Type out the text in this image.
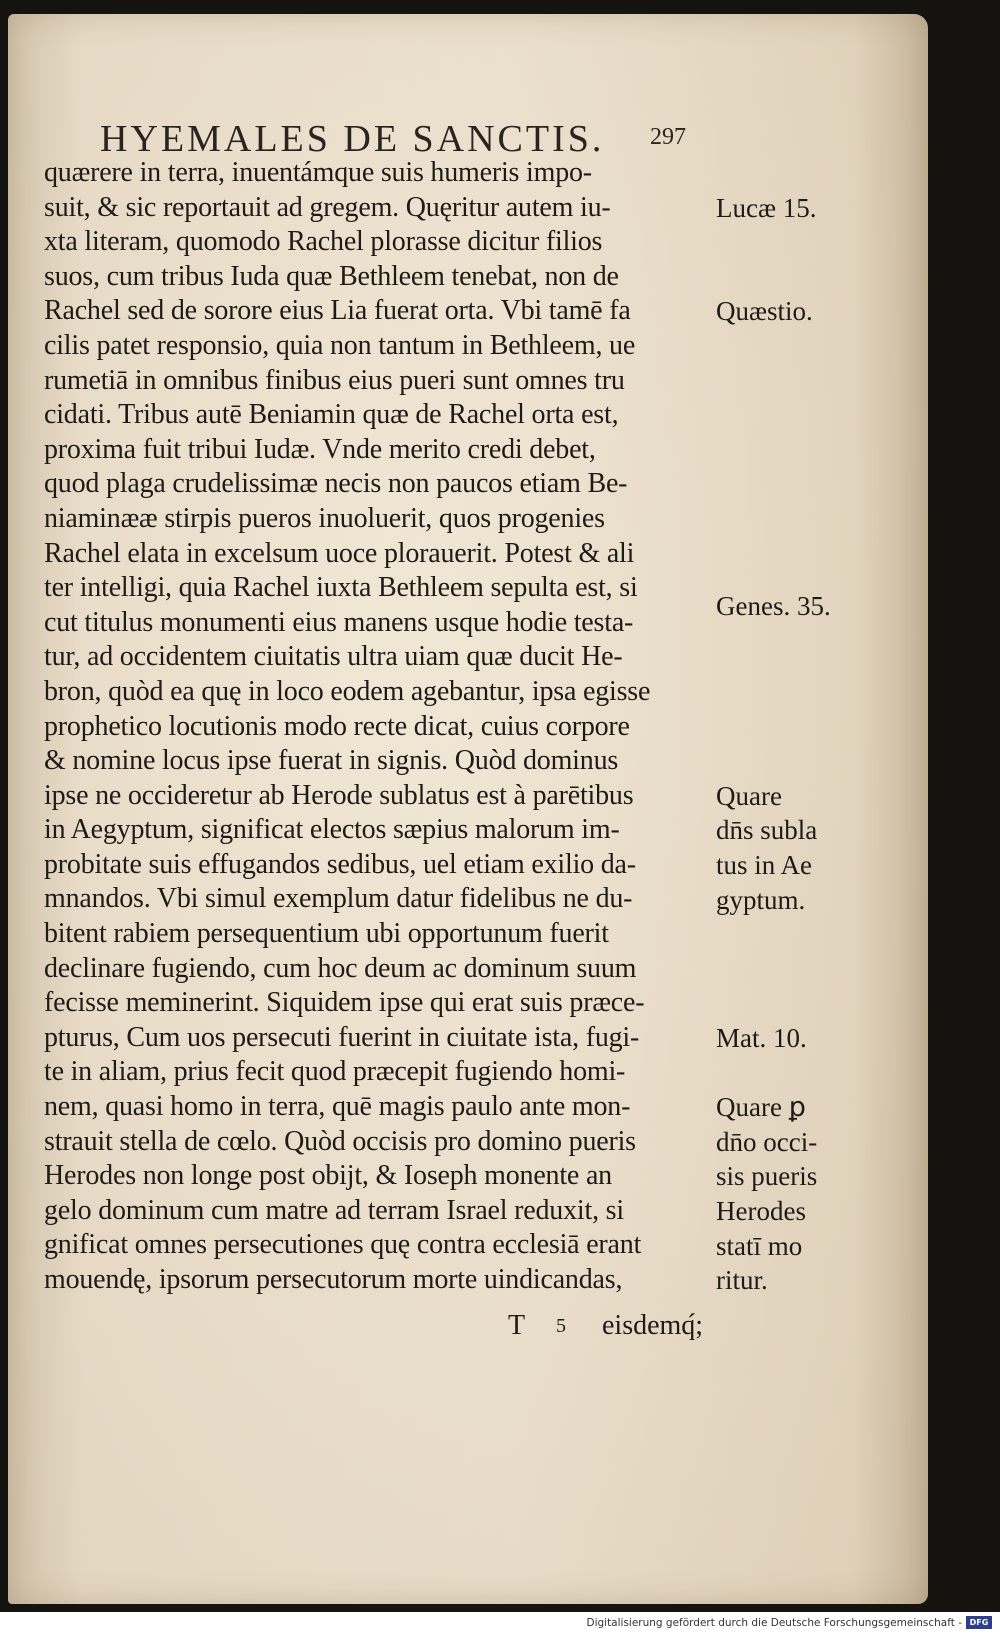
HYEMALES DE SANCTIS. 297
quærere in terra, inuentámque suis humeris impo-
suit, & sic reportauit ad gregem. Quęritur autem iu-
xta literam, quomodo Rachel plorasse dicitur filios
suos, cum tribus Iuda quæ Bethleem tenebat, non de
Rachel sed de sorore eius Lia fuerat orta. Vbi tamē fa
cilis patet responsio, quia non tantum in Bethleem, ue
rumetiā in omnibus finibus eius pueri sunt omnes tru
cidati. Tribus autē Beniamin quæ de Rachel orta est,
proxima fuit tribui Iudæ. Vnde merito credi debet,
quod plaga crudelissimæ necis non paucos etiam Be-
niaminææ stirpis pueros inuoluerit, quos progenies
Rachel elata in excelsum uoce plorauerit. Potest & ali
ter intelligi, quia Rachel iuxta Bethleem sepulta est, si
cut titulus monumenti eius manens usque hodie testa-
tur, ad occidentem ciuitatis ultra uiam quæ ducit He-
bron, quòd ea quę in loco eodem agebantur, ipsa egisse
prophetico locutionis modo recte dicat, cuius corpore
& nomine locus ipse fuerat in signis. Quòd dominus
ipse ne occideretur ab Herode sublatus est à parētibus
in Aegyptum, significat electos sæpius malorum im-
probitate suis effugandos sedibus, uel etiam exilio da-
mnandos. Vbi simul exemplum datur fidelibus ne du-
bitent rabiem persequentium ubi opportunum fuerit
declinare fugiendo, cum hoc deum ac dominum suum
fecisse meminerint. Siquidem ipse qui erat suis præce-
pturus, Cum uos persecuti fuerint in ciuitate ista, fugi-
te in aliam, prius fecit quod præcepit fugiendo homi-
nem, quasi homo in terra, quē magis paulo ante mon-
strauit stella de cœlo. Quòd occisis pro domino pueris
Herodes non longe post obijt, & Ioseph monente an
gelo dominum cum matre ad terram Israel reduxit, si
gnificat omnes persecutiones quę contra ecclesiā erant
mouendę, ipsorum persecutorum morte uindicandas,
Lucæ 15.
Quæstio.
Genes. 35.
Quare
dn̄s subla
tus in Ae
gyptum.
Mat. 10.
Quare ꝑ
dn̄o occi-
sis pueris
Herodes
statī mo
ritur.
T 5 eisdemq́;
Digitalisierung gefördert durch die Deutsche Forschungsgemeinschaft - DFG
